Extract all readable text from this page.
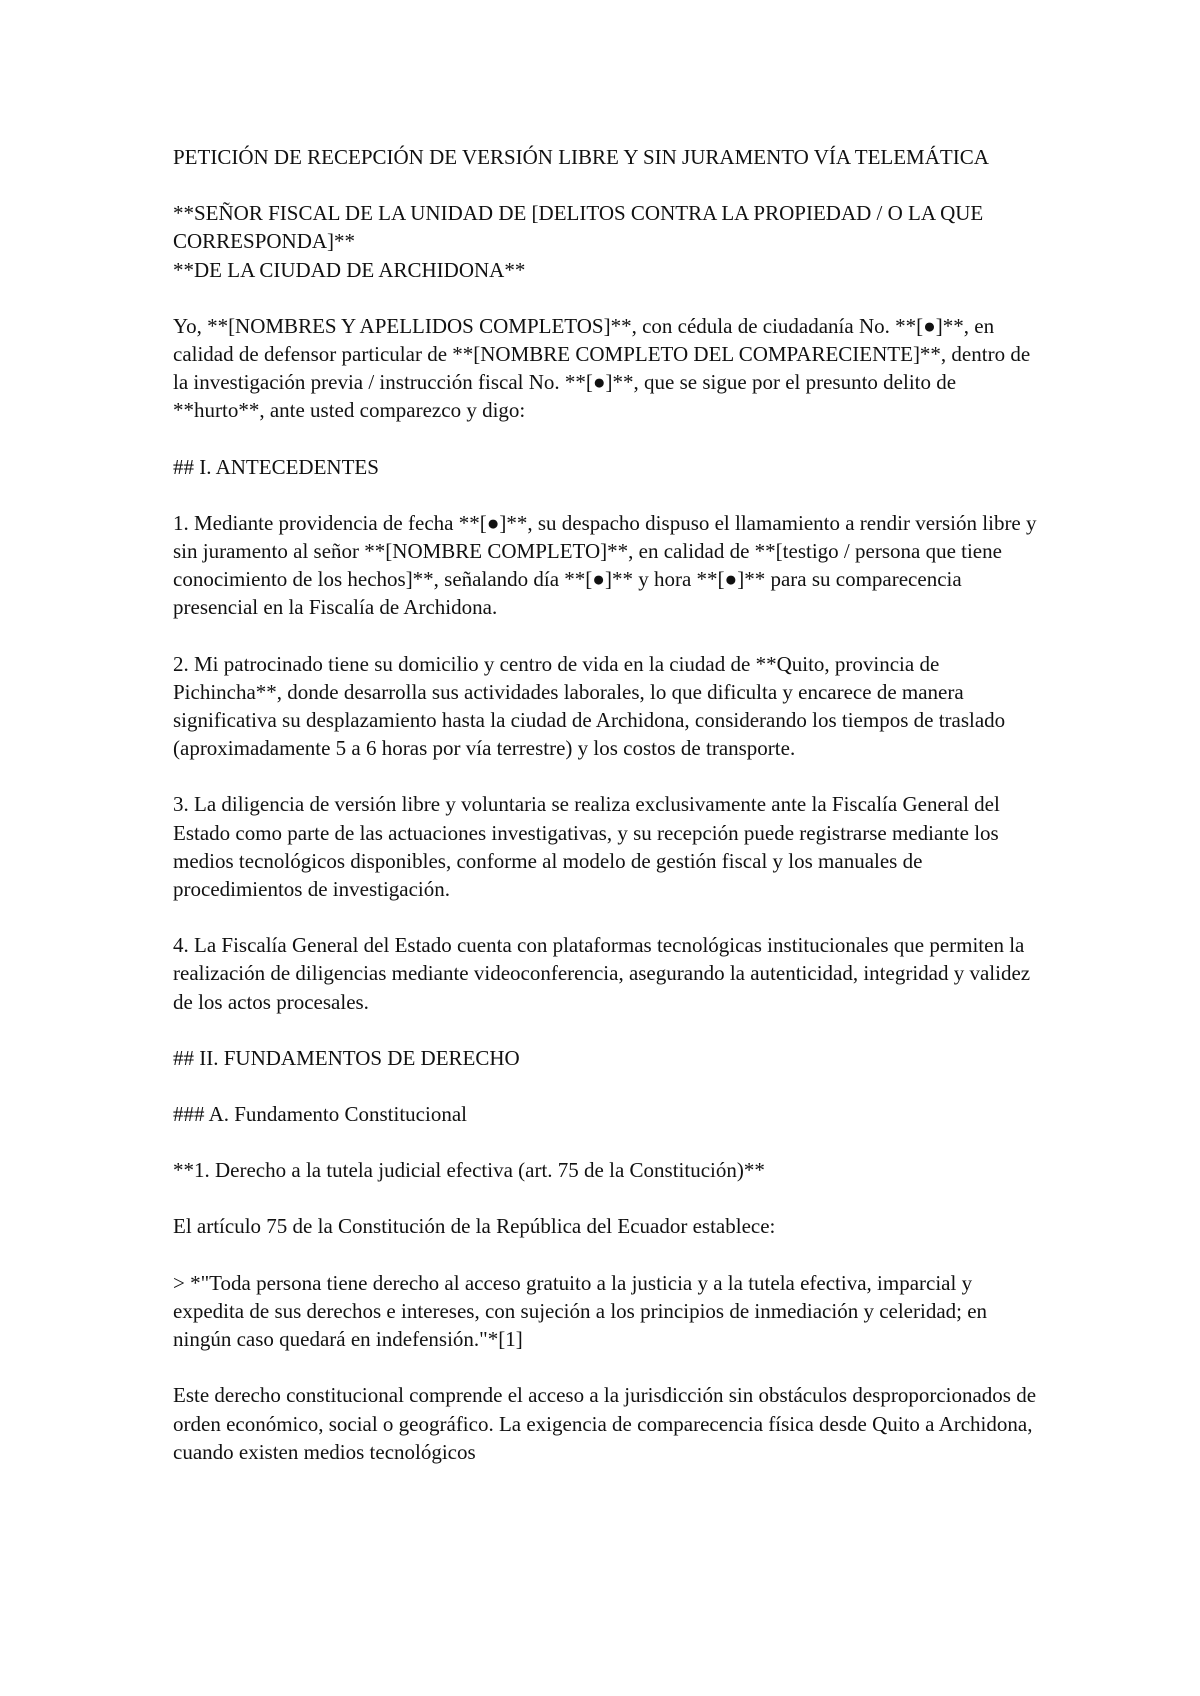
PETICIÓN DE RECEPCIÓN DE VERSIÓN LIBRE Y SIN JURAMENTO VÍA TELEMÁTICA

**SEÑOR FISCAL DE LA UNIDAD DE [DELITOS CONTRA LA PROPIEDAD / O LA QUE CORRESPONDA]**

**DE LA CIUDAD DE ARCHIDONA**

Yo, **[NOMBRES Y APELLIDOS COMPLETOS]**, con cédula de ciudadanía No. **[●]**, en calidad de defensor particular de **[NOMBRE COMPLETO DEL COMPARECIENTE]**, dentro de la investigación previa / instrucción fiscal No. **[●]**, que se sigue por el presunto delito de **hurto**, ante usted comparezco y digo:

## I. ANTECEDENTES

1. Mediante providencia de fecha **[●]**, su despacho dispuso el llamamiento a rendir versión libre y sin juramento al señor **[NOMBRE COMPLETO]**, en calidad de **[testigo / persona que tiene conocimiento de los hechos]**, señalando día **[●]** y hora **[●]** para su comparecencia presencial en la Fiscalía de Archidona.

2. Mi patrocinado tiene su domicilio y centro de vida en la ciudad de **Quito, provincia de Pichincha**, donde desarrolla sus actividades laborales, lo que dificulta y encarece de manera significativa su desplazamiento hasta la ciudad de Archidona, considerando los tiempos de traslado (aproximadamente 5 a 6 horas por vía terrestre) y los costos de transporte.

3. La diligencia de versión libre y voluntaria se realiza exclusivamente ante la Fiscalía General del Estado como parte de las actuaciones investigativas, y su recepción puede registrarse mediante los medios tecnológicos disponibles, conforme al modelo de gestión fiscal y los manuales de procedimientos de investigación.

4. La Fiscalía General del Estado cuenta con plataformas tecnológicas institucionales que permiten la realización de diligencias mediante videoconferencia, asegurando la autenticidad, integridad y validez de los actos procesales.

## II. FUNDAMENTOS DE DERECHO

### A. Fundamento Constitucional

**1. Derecho a la tutela judicial efectiva (art. 75 de la Constitución)**

El artículo 75 de la Constitución de la República del Ecuador establece:

> *"Toda persona tiene derecho al acceso gratuito a la justicia y a la tutela efectiva, imparcial y expedita de sus derechos e intereses, con sujeción a los principios de inmediación y celeridad; en ningún caso quedará en indefensión."*[1]

Este derecho constitucional comprende el acceso a la jurisdicción sin obstáculos desproporcionados de orden económico, social o geográfico. La exigencia de comparecencia física desde Quito a Archidona, cuando existen medios tecnológicos
